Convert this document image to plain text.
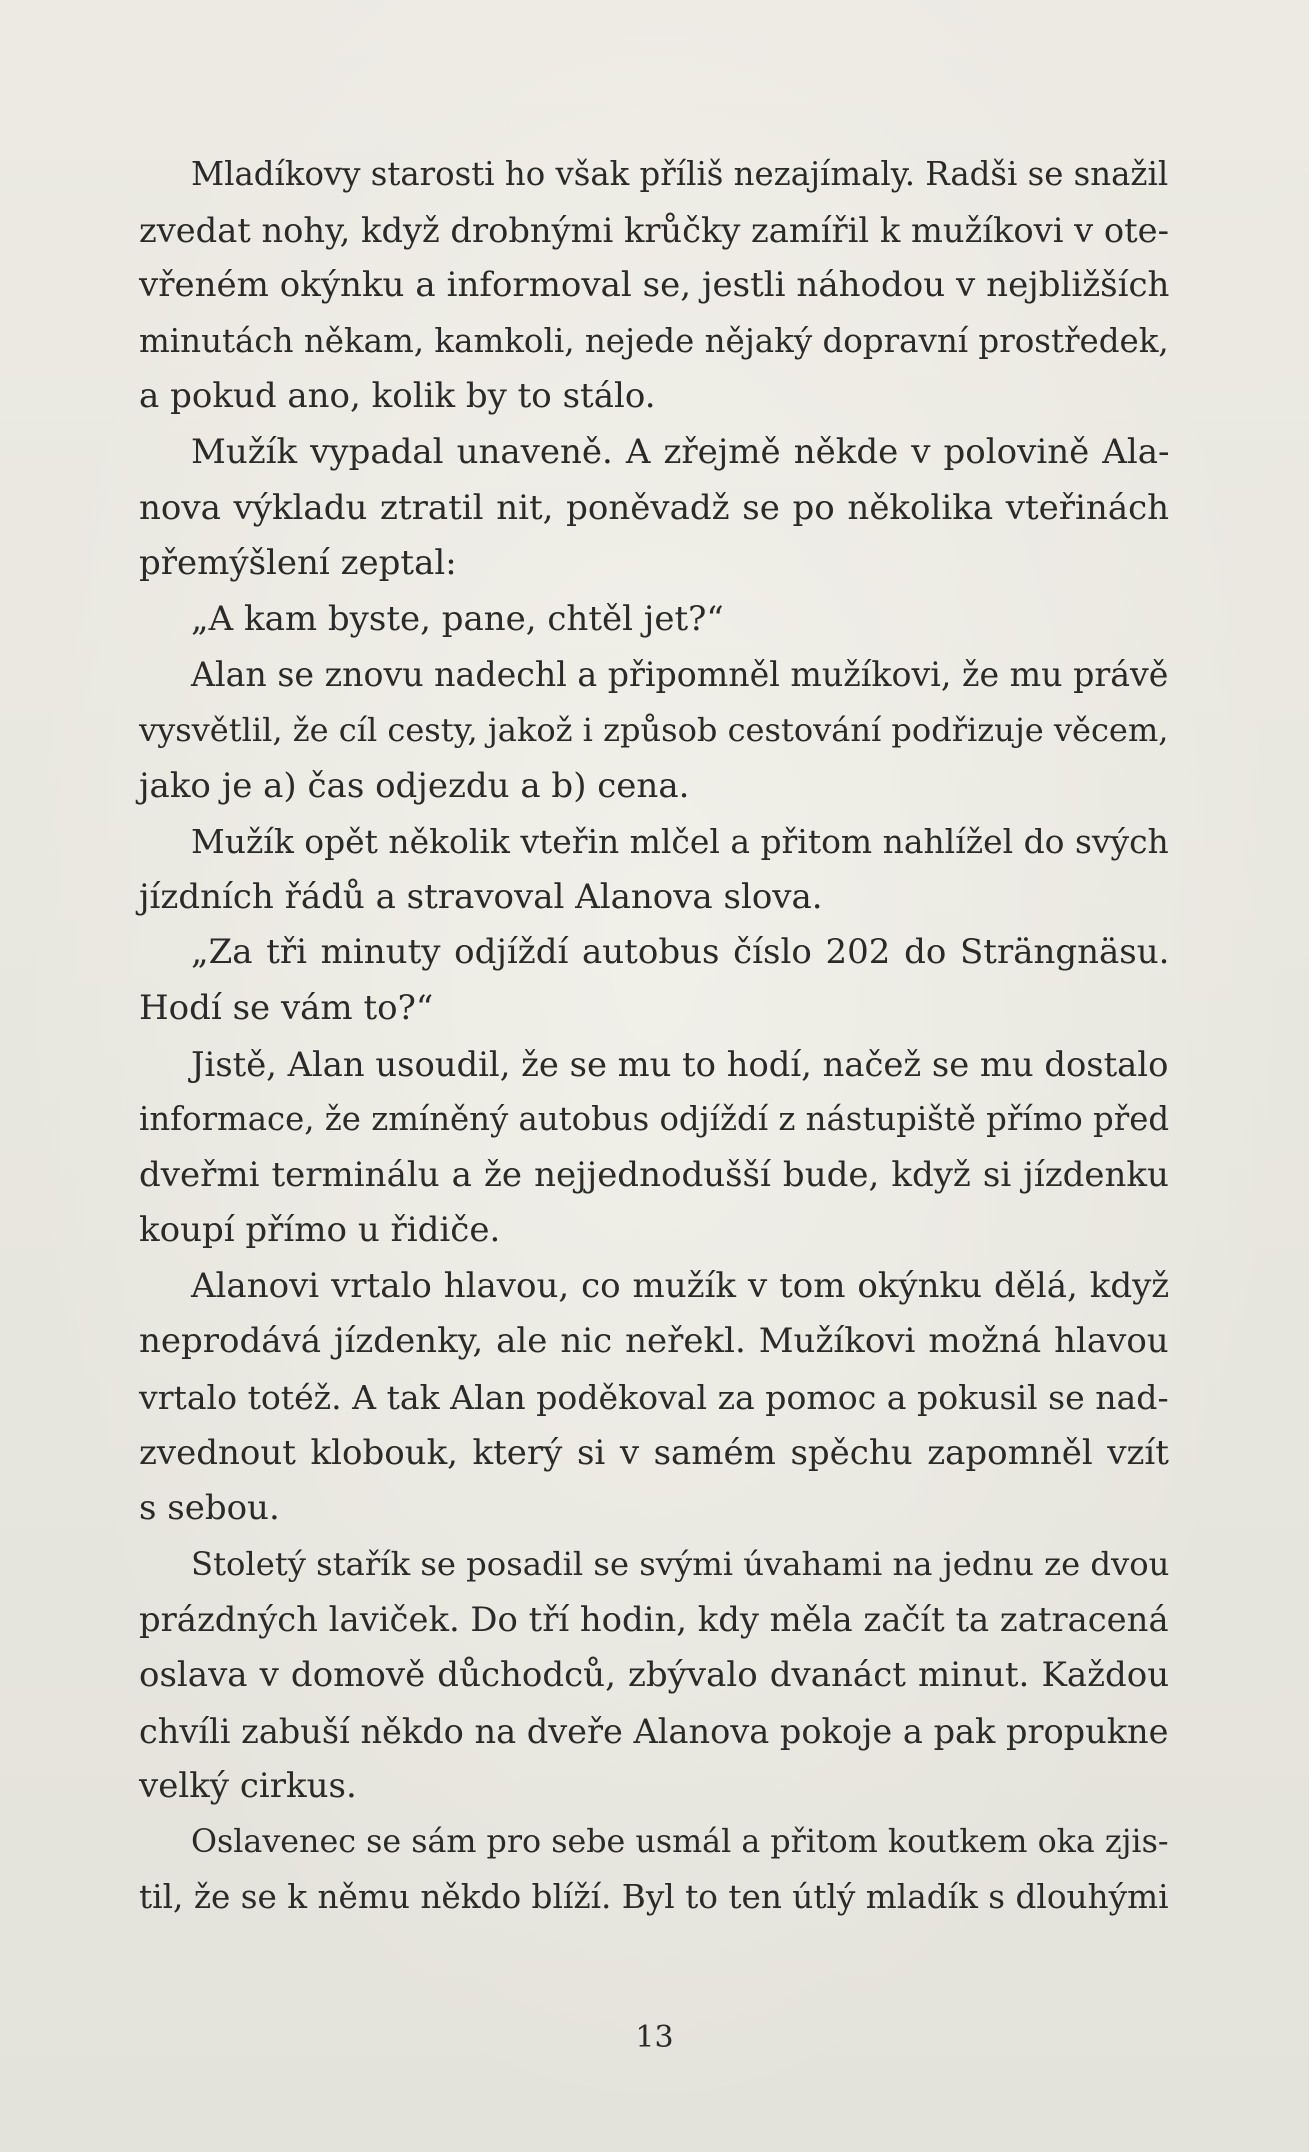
Mladíkovy starosti ho však příliš nezajímaly. Radši se snažil
zvedat nohy, když drobnými krůčky zamířil k mužíkovi v ote-
vřeném okýnku a informoval se, jestli náhodou v nejbližších
minutách někam, kamkoli, nejede nějaký dopravní prostředek,
a pokud ano, kolik by to stálo.
Mužík vypadal unaveně. A zřejmě někde v polovině Ala-
nova výkladu ztratil nit, poněvadž se po několika vteřinách
přemýšlení zeptal:
„A kam byste, pane, chtěl jet?“
Alan se znovu nadechl a připomněl mužíkovi, že mu právě
vysvětlil, že cíl cesty, jakož i způsob cestování podřizuje věcem,
jako je a) čas odjezdu a b) cena.
Mužík opět několik vteřin mlčel a přitom nahlížel do svých
jízdních řádů a stravoval Alanova slova.
„Za tři minuty odjíždí autobus číslo 202 do Strängnäsu.
Hodí se vám to?“
Jistě, Alan usoudil, že se mu to hodí, načež se mu dostalo
informace, že zmíněný autobus odjíždí z nástupiště přímo před
dveřmi terminálu a že nejjednodušší bude, když si jízdenku
koupí přímo u řidiče.
Alanovi vrtalo hlavou, co mužík v tom okýnku dělá, když
neprodává jízdenky, ale nic neřekl. Mužíkovi možná hlavou
vrtalo totéž. A tak Alan poděkoval za pomoc a pokusil se nad-
zvednout klobouk, který si v samém spěchu zapomněl vzít
s sebou.
Stoletý stařík se posadil se svými úvahami na jednu ze dvou
prázdných laviček. Do tří hodin, kdy měla začít ta zatracená
oslava v domově důchodců, zbývalo dvanáct minut. Každou
chvíli zabuší někdo na dveře Alanova pokoje a pak propukne
velký cirkus.
Oslavenec se sám pro sebe usmál a přitom koutkem oka zjis-
til, že se k němu někdo blíží. Byl to ten útlý mladík s dlouhými
13
